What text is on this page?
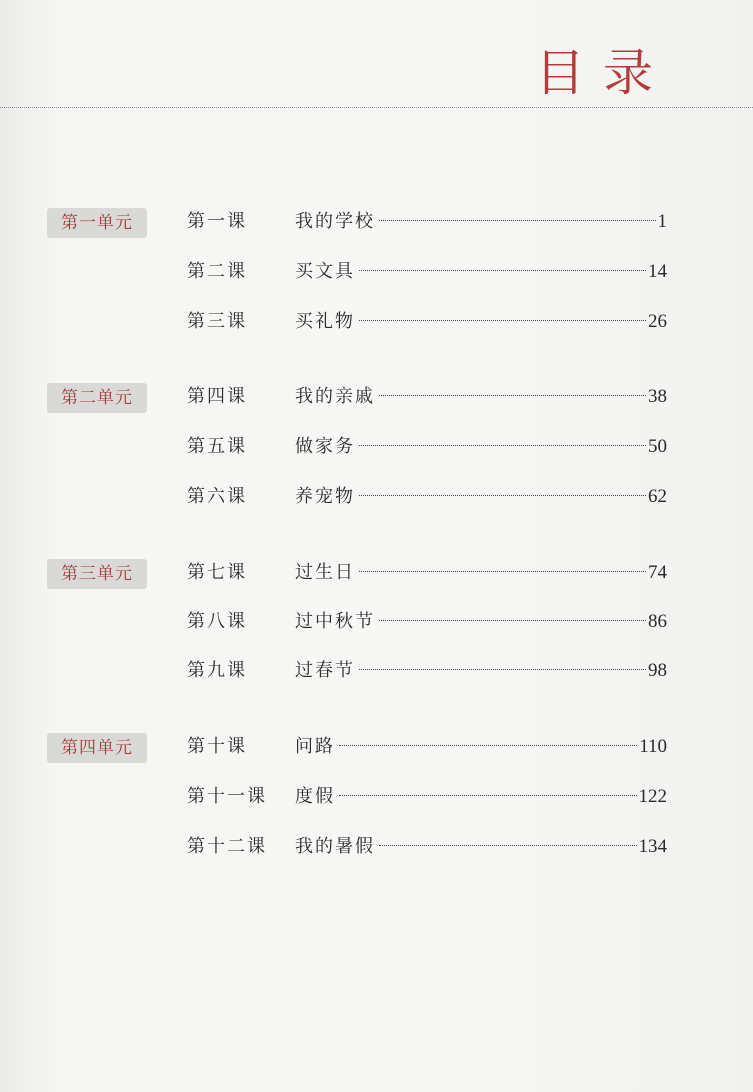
目录
第一单元	第一课	我的学校	1
第二课	买文具	14
第三课	买礼物	26
第二单元	第四课	我的亲戚	38
第五课	做家务	50
第六课	养宠物	62
第三单元	第七课	过生日	74
第八课	过中秋节	86
第九课	过春节	98
第四单元	第十课	问路	110
第十一课	度假	122
第十二课	我的暑假	134
